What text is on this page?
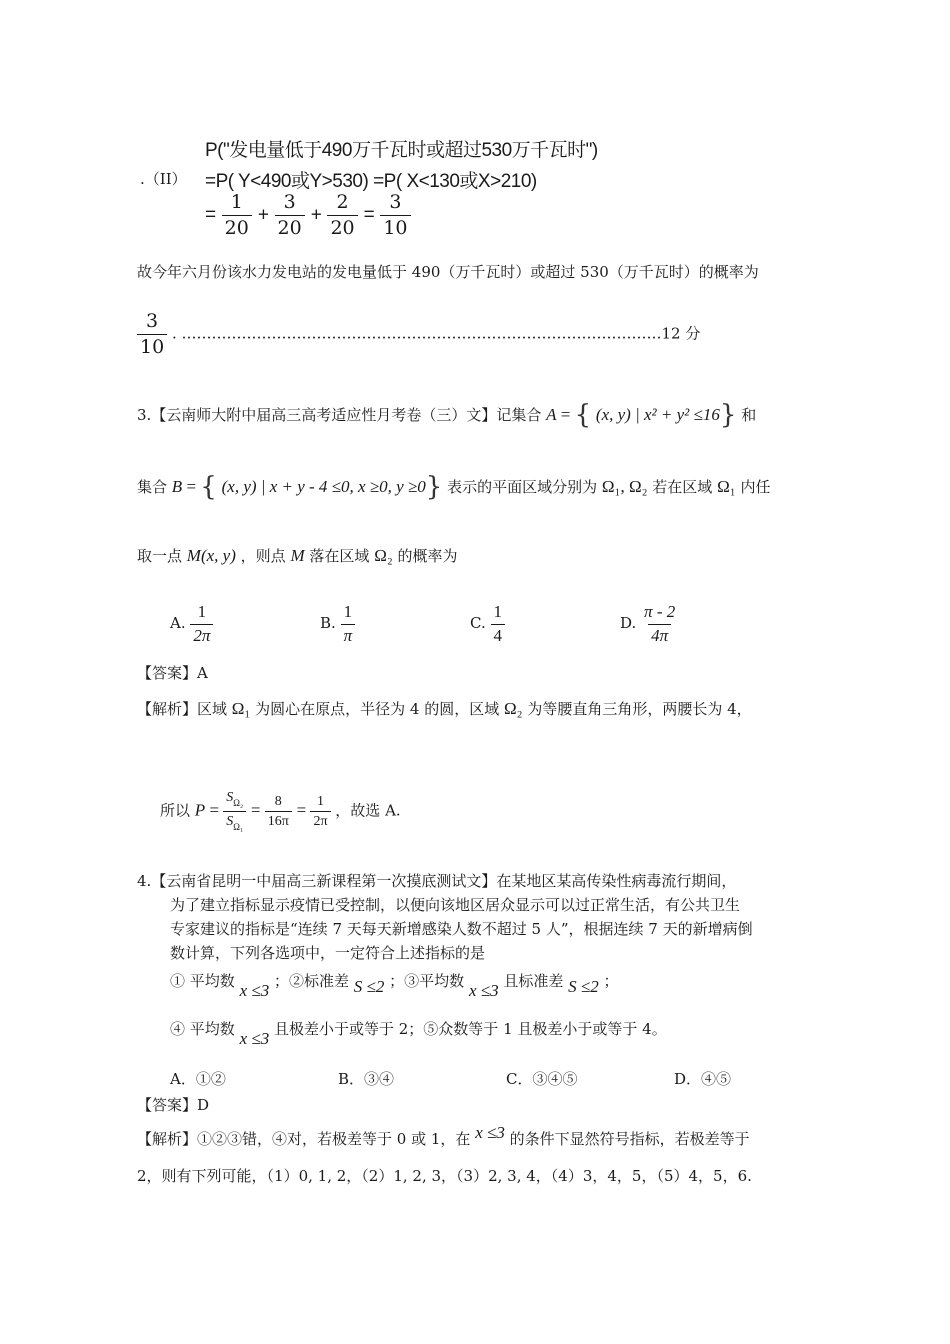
.（II）
P("发电量低于490万千瓦时或超过530万千瓦时")
=P( Y<490或Y>530) =P( X<130或X>210)
= $\frac{1}{20} + \frac{3}{20} + \frac{2}{20} = \frac{3}{10}$
故今年六月份该水力发电站的发电量低于 490（万千瓦时）或超过 530（万千瓦时）的概率为
$\frac{3}{10}$ . ……………………………………………………………………………………12 分
3.【云南师大附中届高三高考适应性月考卷（三）文】记集合 A = { (x, y) | x² + y² ≤16} 和
集合 B = { (x, y) | x + y - 4 ≤0, x ≥0, y ≥0} 表示的平面区域分别为 Ω₁, Ω₂ 若在区域 Ω₁ 内任
取一点 M(x, y) ，则点 M 落在区域 Ω₂ 的概率为
A. $\frac{1}{2\pi}$	B. $\frac{1}{\pi}$	C. $\frac{1}{4}$	D. $\frac{\pi - 2}{4\pi}$
【答案】A
【解析】区域 Ω₁ 为圆心在原点，半径为 4 的圆，区域 Ω₂ 为等腰直角三角形，两腰长为 4，
所以 $P = \frac{S_{\Omega_2}}{S_{\Omega_1}} = \frac{8}{16\pi} = \frac{1}{2\pi}$ ，故选 A.
4.【云南省昆明一中届高三新课程第一次摸底测试文】在某地区某高传染性病毒流行期间，
为了建立指标显示疫情已受控制，以便向该地区居众显示可以过正常生活，有公共卫生
专家建议的指标是“连续 7 天每天新增感染人数不超过 5 人”，根据连续 7 天的新增病倒
数计算，下列各选项中，一定符合上述指标的是
① 平均数 x ≤3 ；②标准差 S ≤2 ；③平均数 x ≤3 且标准差 S ≤2 ；
④ 平均数 x ≤3 且极差小于或等于 2；⑤众数等于 1 且极差小于或等于 4。
A．①②	B．③④	C．③④⑤	D．④⑤
【答案】D
【解析】①②③错，④对，若极差等于 0 或 1，在 x ≤3 的条件下显然符号指标，若极差等于
2，则有下列可能，（1）0, 1, 2，（2）1, 2, 3，（3）2, 3, 4，（4）3，4，5，（5）4，5，6.
